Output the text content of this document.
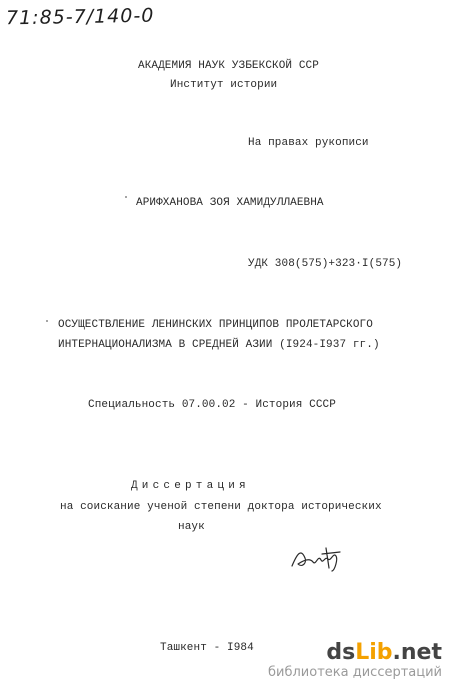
71:85-7/140-0
АКАДЕМИЯ НАУК УЗБЕКСКОЙ ССР
Институт истории
На правах рукописи
АРИФХАНОВА ЗОЯ ХАМИДУЛЛАЕВНА
УДК 308(575)+323·I(575)
ОСУЩЕСТВЛЕНИЕ ЛЕНИНСКИХ ПРИНЦИПОВ ПРОЛЕТАРСКОГО
ИНТЕРНАЦИОНАЛИЗМА В СРЕДНЕЙ АЗИИ (I924-I937 гг.)
Специальность 07.00.02 - История СССР
Диссертация
на соискание ученой степени доктора исторических
наук
Ташкент - I984	dsLib.net
библиотека диссертаций
